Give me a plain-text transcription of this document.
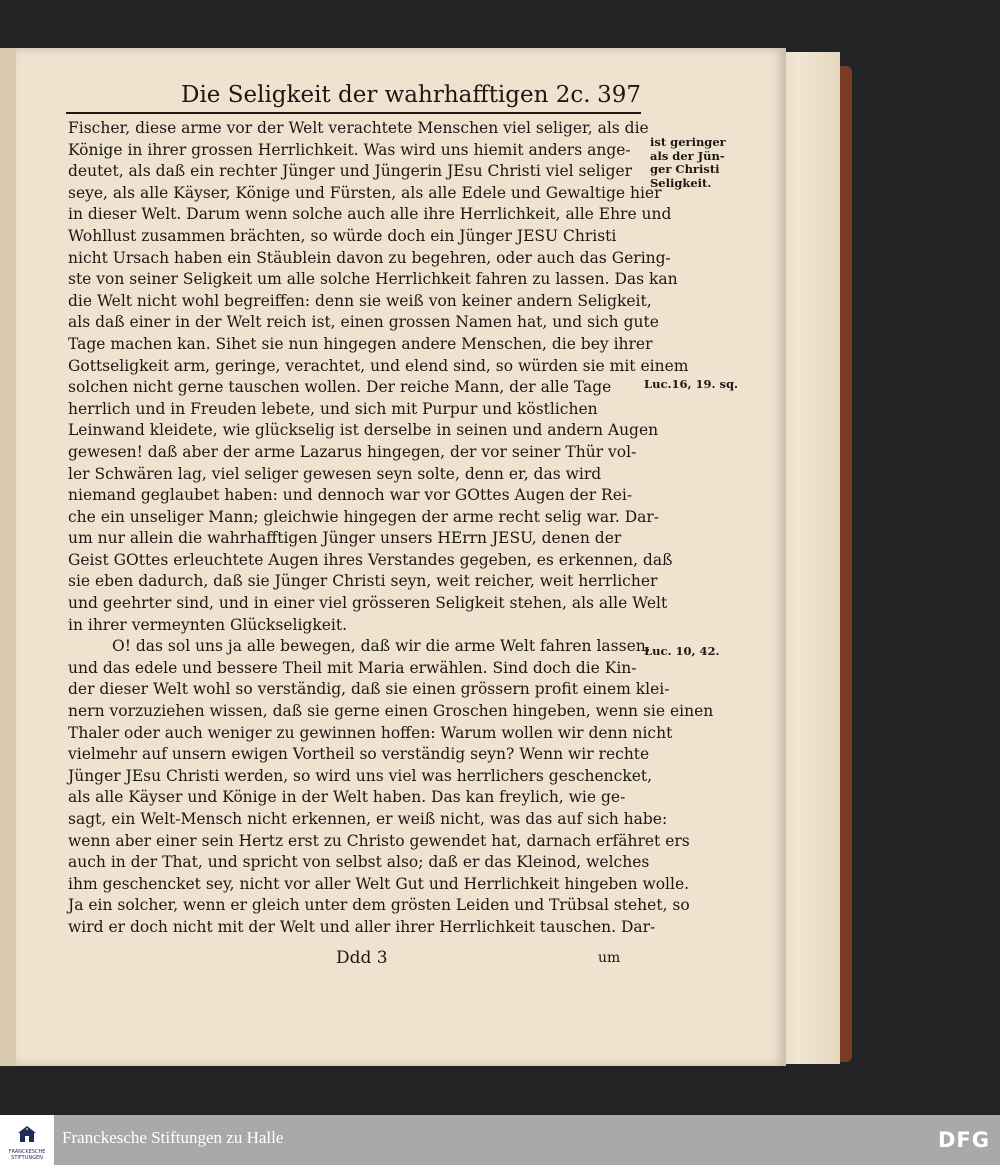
Die Seligkeit der wahrhafftigen 2c. 397
Fischer, diese arme vor der Welt verachtete Menschen viel seliger, als die
Könige in ihrer grossen Herrlichkeit. Was wird uns hiemit anders ange-
deutet, als daß ein rechter Jünger und Jüngerin JEsu Christi viel seliger
seye, als alle Käyser, Könige und Fürsten, als alle Edele und Gewaltige hier
in dieser Welt. Darum wenn solche auch alle ihre Herrlichkeit, alle Ehre und
Wohllust zusammen brächten, so würde doch ein Jünger JESU Christi
nicht Ursach haben ein Stäublein davon zu begehren, oder auch das Gering-
ste von seiner Seligkeit um alle solche Herrlichkeit fahren zu lassen. Das kan
die Welt nicht wohl begreiffen: denn sie weiß von keiner andern Seligkeit,
als daß einer in der Welt reich ist, einen grossen Namen hat, und sich gute
Tage machen kan. Sihet sie nun hingegen andere Menschen, die bey ihrer
Gottseligkeit arm, geringe, verachtet, und elend sind, so würden sie mit einem
solchen nicht gerne tauschen wollen. Der reiche Mann, der alle Tage
herrlich und in Freuden lebete, und sich mit Purpur und köstlichen
Leinwand kleidete, wie glückselig ist derselbe in seinen und andern Augen
gewesen! daß aber der arme Lazarus hingegen, der vor seiner Thür vol-
ler Schwären lag, viel seliger gewesen seyn solte, denn er, das wird
niemand geglaubet haben: und dennoch war vor GOttes Augen der Rei-
che ein unseliger Mann; gleichwie hingegen der arme recht selig war. Dar-
um nur allein die wahrhafftigen Jünger unsers HErrn JESU, denen der
Geist GOttes erleuchtete Augen ihres Verstandes gegeben, es erkennen, daß
sie eben dadurch, daß sie Jünger Christi seyn, weit reicher, weit herrlicher
und geehrter sind, und in einer viel grösseren Seligkeit stehen, als alle Welt
in ihrer vermeynten Glückseligkeit.
O! das sol uns ja alle bewegen, daß wir die arme Welt fahren lassen,
und das edele und bessere Theil mit Maria erwählen. Sind doch die Kin-
der dieser Welt wohl so verständig, daß sie einen grössern profit einem klei-
nern vorzuziehen wissen, daß sie gerne einen Groschen hingeben, wenn sie einen
Thaler oder auch weniger zu gewinnen hoffen: Warum wollen wir denn nicht
vielmehr auf unsern ewigen Vortheil so verständig seyn? Wenn wir rechte
Jünger JEsu Christi werden, so wird uns viel was herrlichers geschencket,
als alle Käyser und Könige in der Welt haben. Das kan freylich, wie ge-
sagt, ein Welt-Mensch nicht erkennen, er weiß nicht, was das auf sich habe:
wenn aber einer sein Hertz erst zu Christo gewendet hat, darnach erfähret ers
auch in der That, und spricht von selbst also; daß er das Kleinod, welches
ihm geschencket sey, nicht vor aller Welt Gut und Herrlichkeit hingeben wolle.
Ja ein solcher, wenn er gleich unter dem grösten Leiden und Trübsal stehet, so
wird er doch nicht mit der Welt und aller ihrer Herrlichkeit tauschen. Dar-
ist geringer
als der Jün-
ger Christi
Seligkeit.
Luc.16, 19. sq.
Luc. 10, 42.
Ddd 3	um
FRANCKESCHE
STIFTUNGEN
Franckesche Stiftungen zu Halle	DFG
